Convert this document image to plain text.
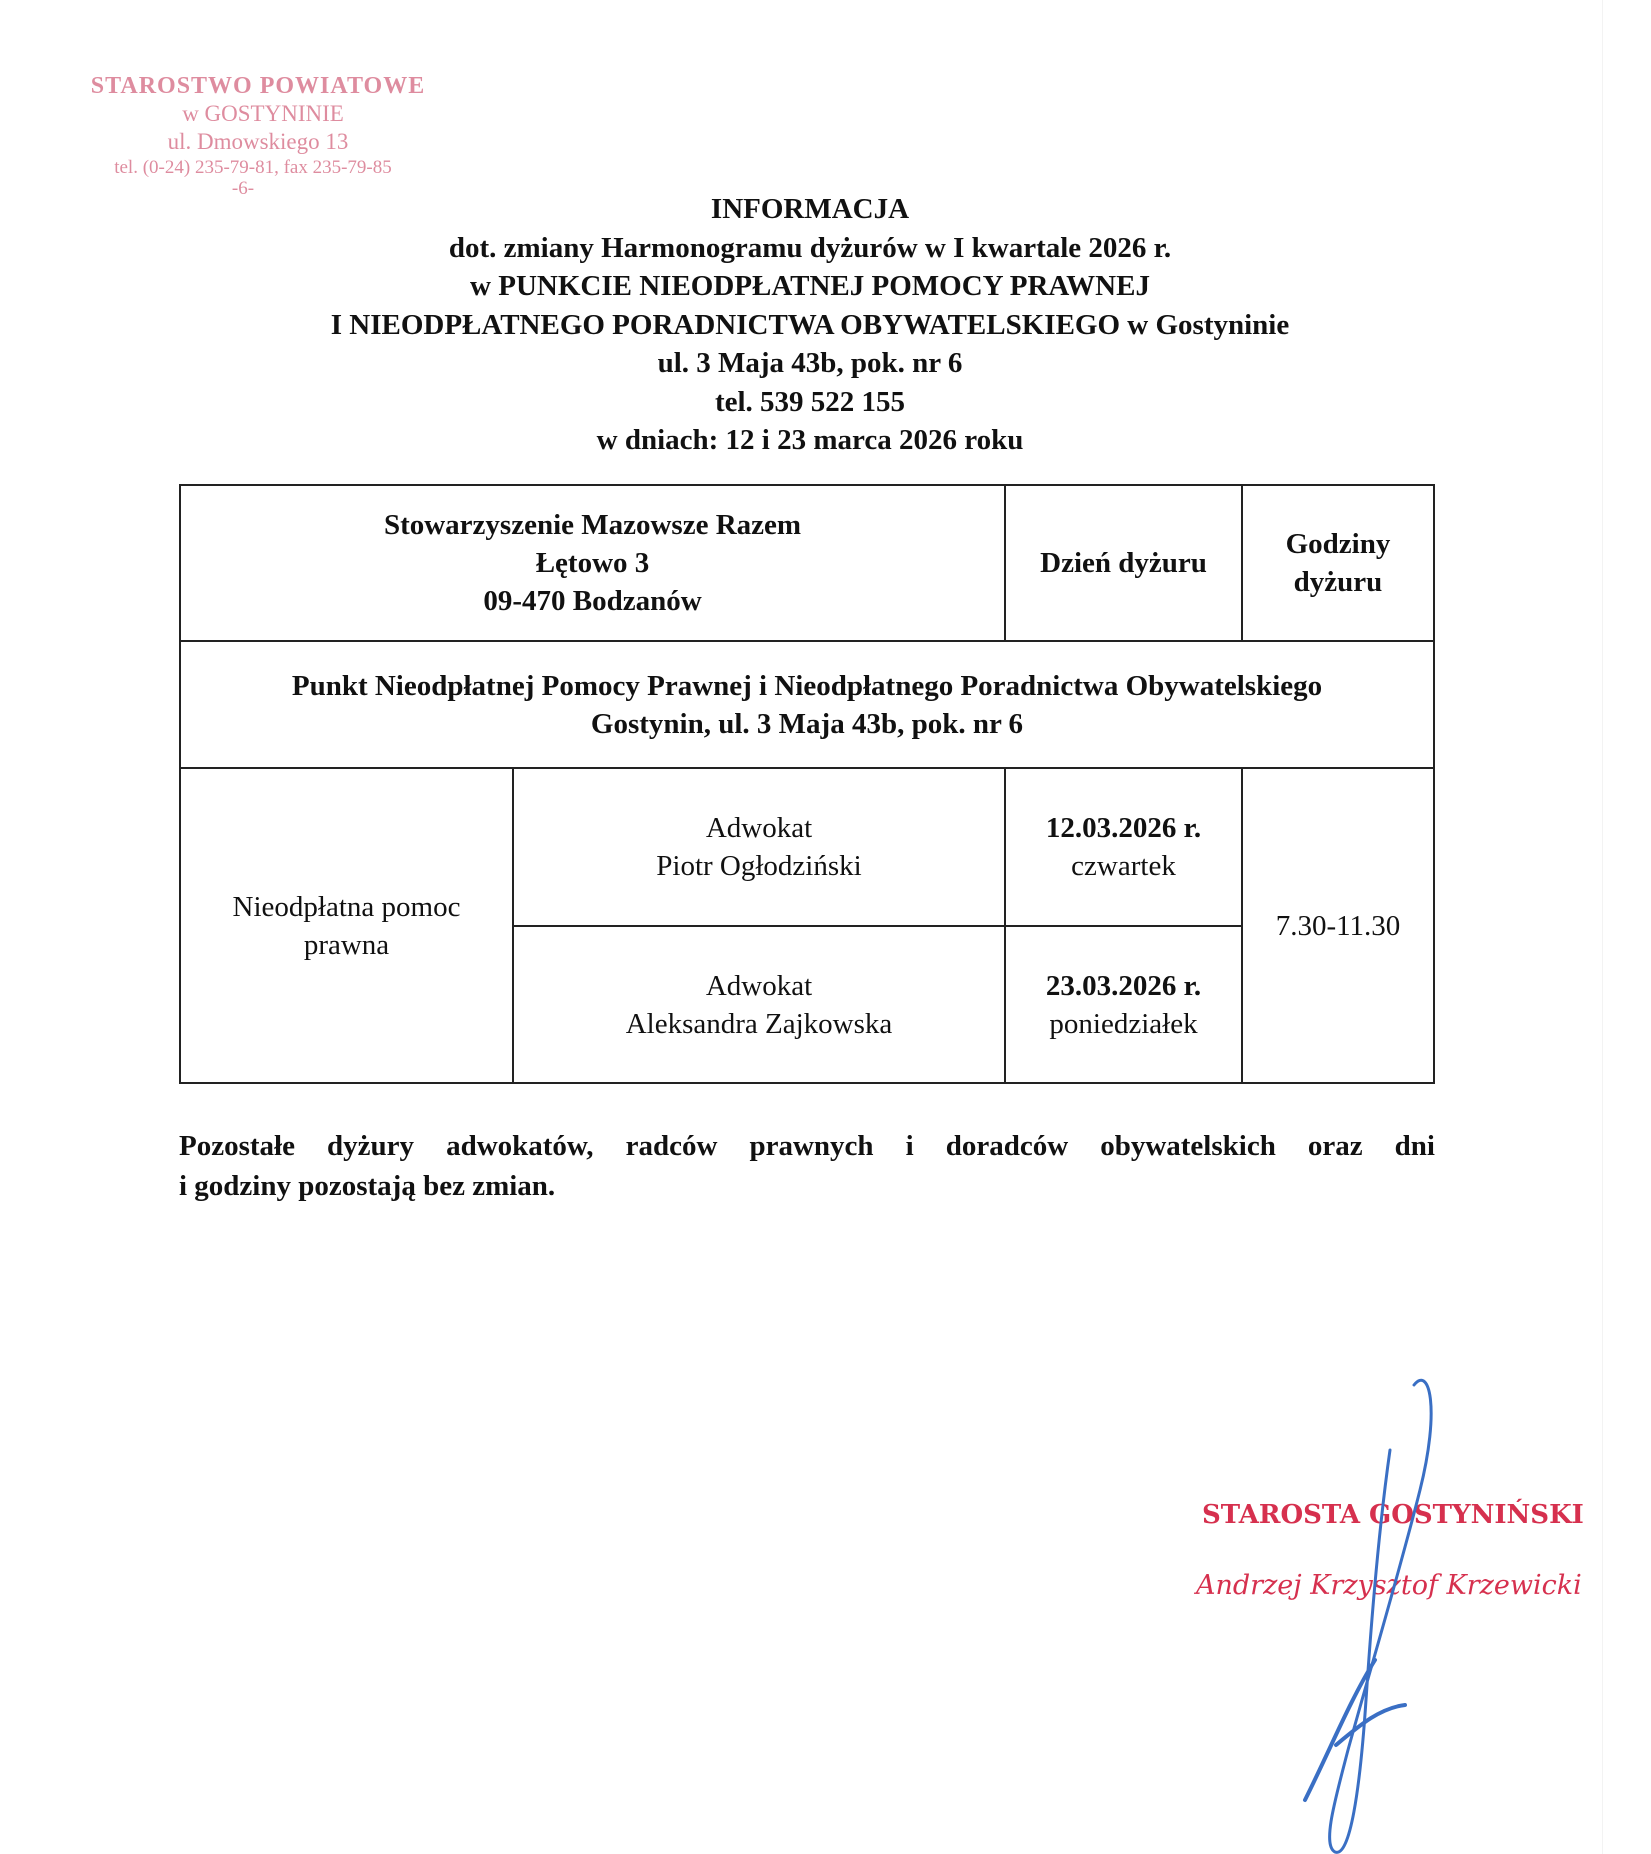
STAROSTWO POWIATOWE
w GOSTYNINIE
ul. Dmowskiego 13
tel. (0-24) 235-79-81, fax 235-79-85
-6-
INFORMACJA
dot. zmiany Harmonogramu dyżurów w I kwartale 2026 r.
w PUNKCIE NIEODPŁATNEJ POMOCY PRAWNEJ
I NIEODPŁATNEGO PORADNICTWA OBYWATELSKIEGO w Gostyninie
ul. 3 Maja 43b, pok. nr 6
tel. 539 522 155
w dniach: 12 i 23 marca 2026 roku
Stowarzyszenie Mazowsze Razem
Łętowo 3
09-470 Bodzanów
Dzień dyżuru
Godziny
dyżuru
Punkt Nieodpłatnej Pomocy Prawnej i Nieodpłatnego Poradnictwa Obywatelskiego
Gostynin, ul. 3 Maja 43b, pok. nr 6
Nieodpłatna pomoc
prawna
Adwokat
Piotr Ogłodziński
12.03.2026 r.
czwartek
Adwokat
Aleksandra Zajkowska
23.03.2026 r.
poniedziałek
7.30-11.30
Pozostałe dyżury adwokatów, radców prawnych i doradców obywatelskich oraz dni
i godziny pozostają bez zmian.
STAROSTA GOSTYNIŃSKI
Andrzej Krzysztof Krzewicki
